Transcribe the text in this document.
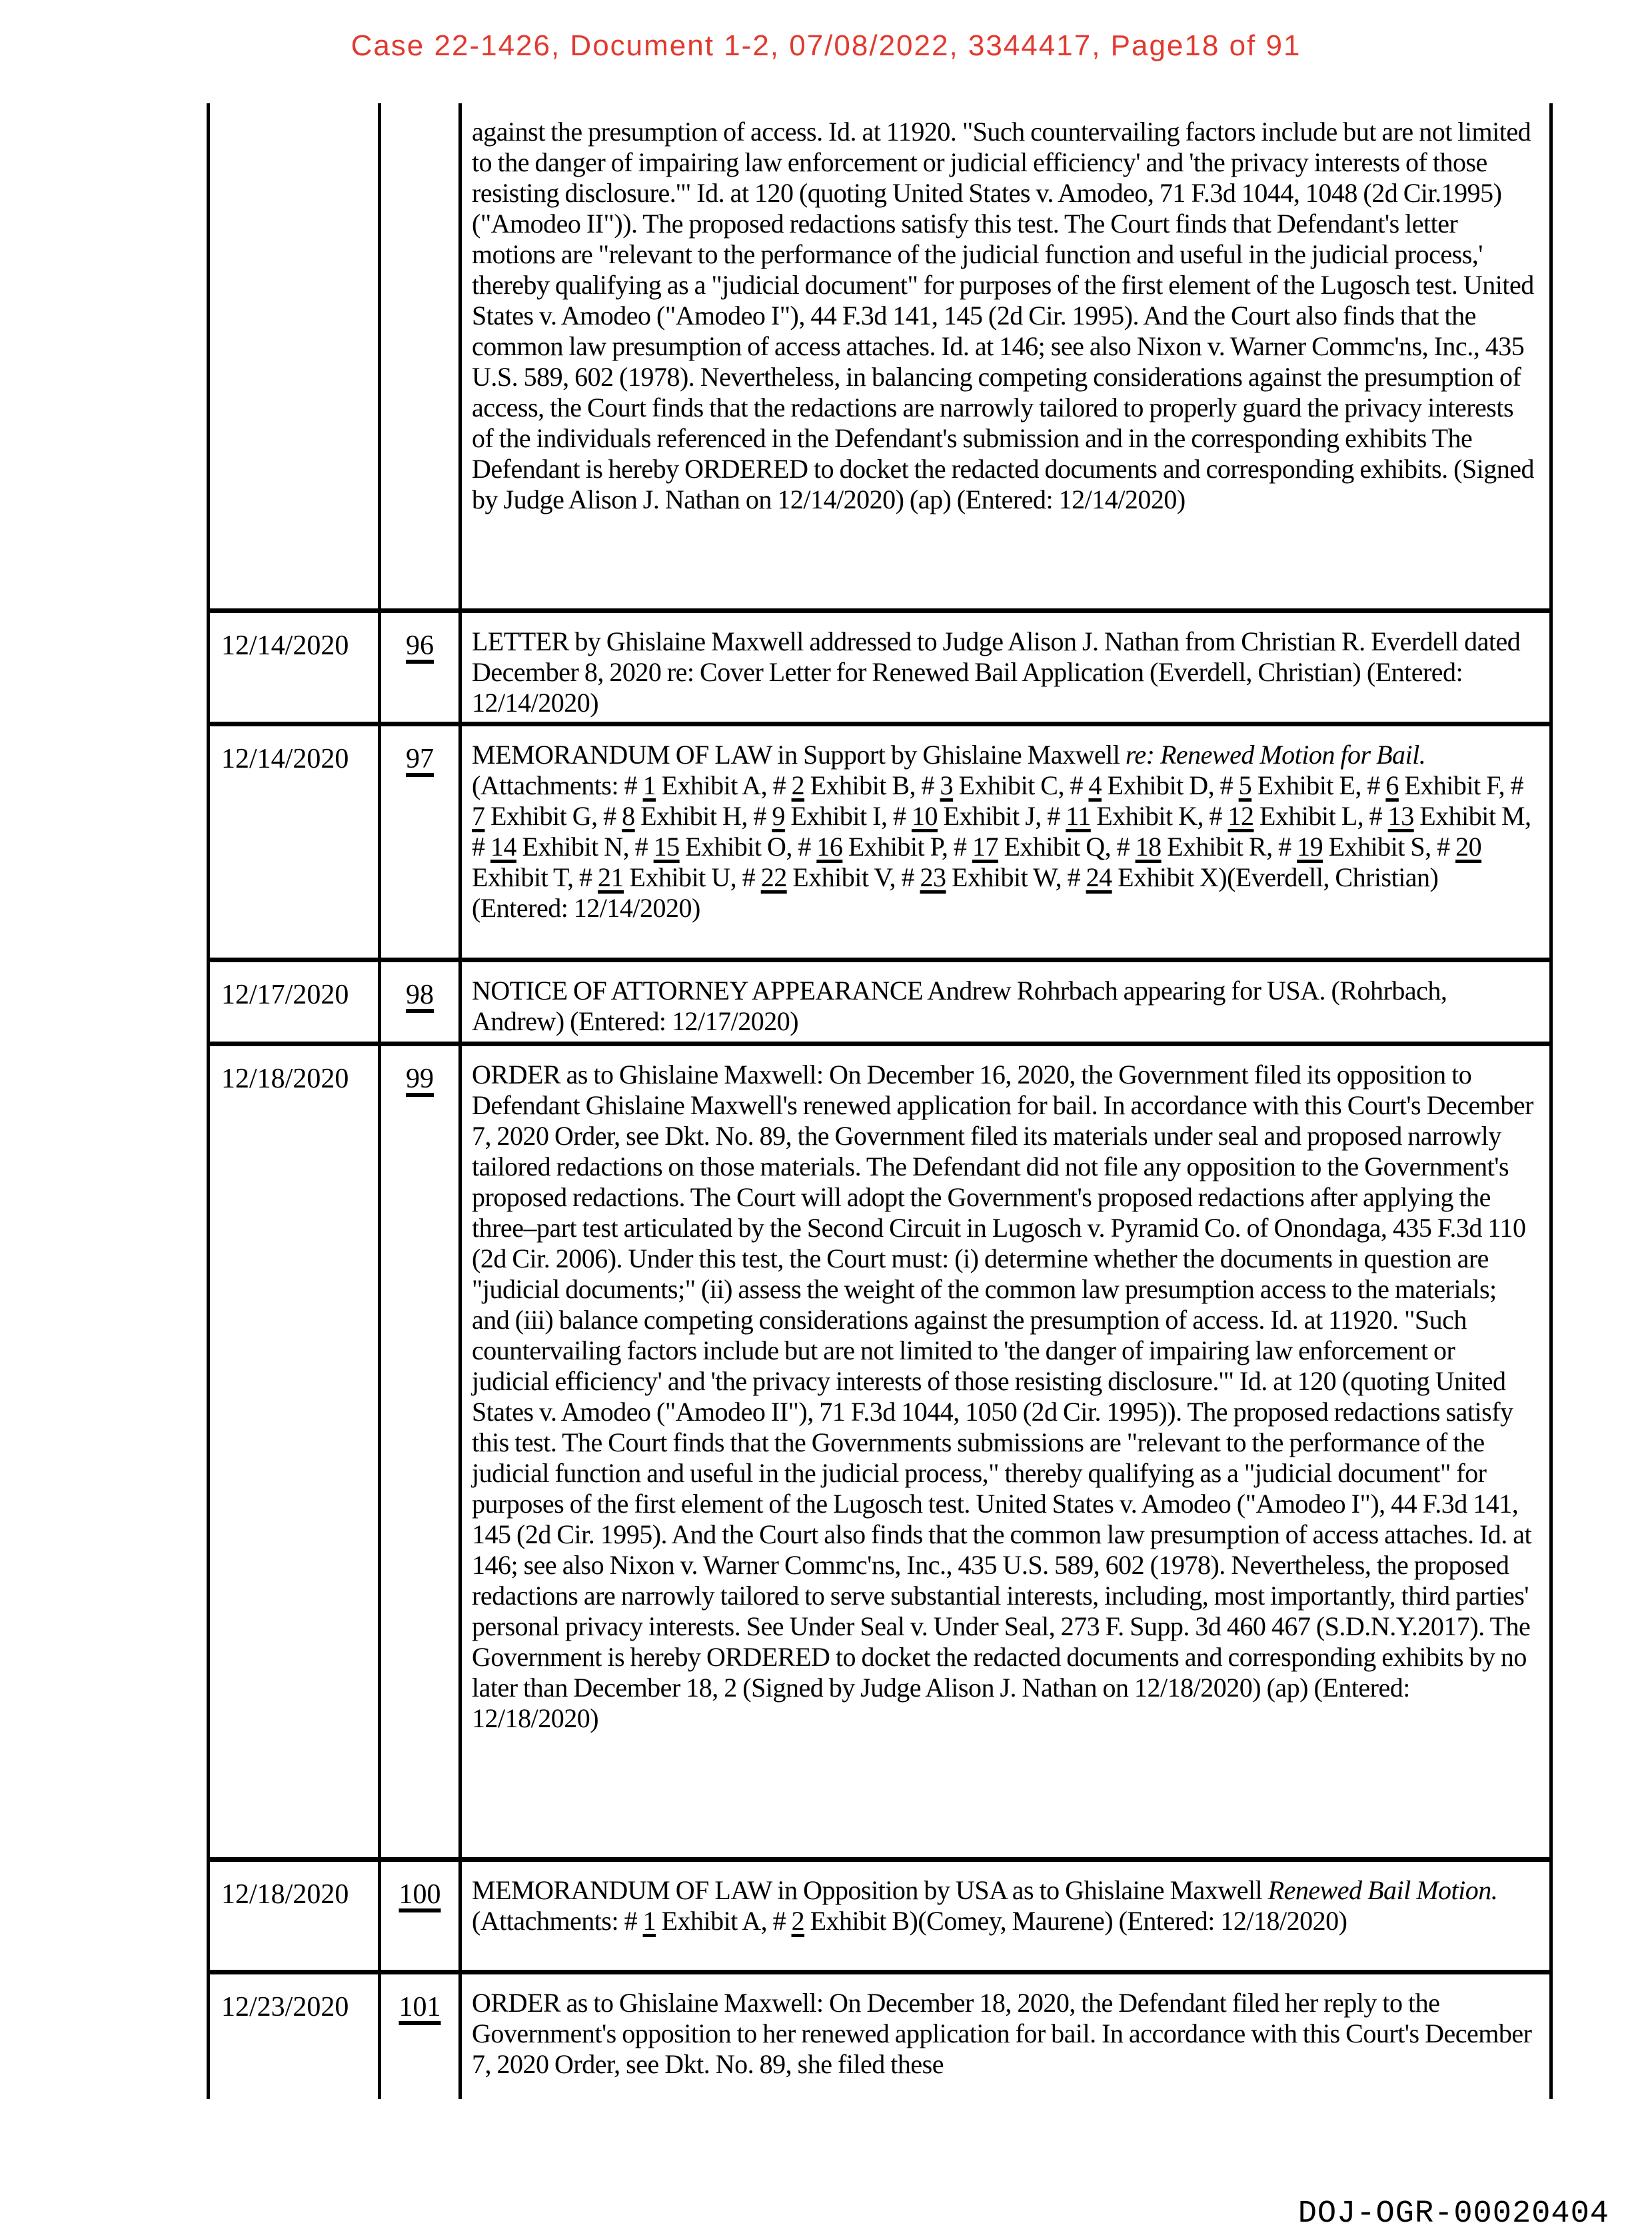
Case 22-1426, Document 1-2, 07/08/2022, 3344417, Page18 of 91

against the presumption of access. Id. at 11920. "Such countervailing factors include but are not limited to the danger of impairing law enforcement or judicial efficiency' and 'the privacy interests of those resisting disclosure.'" Id. at 120 (quoting United States v. Amodeo, 71 F.3d 1044, 1048 (2d Cir.1995) ("Amodeo II")). The proposed redactions satisfy this test. The Court finds that Defendant's letter motions are "relevant to the performance of the judicial function and useful in the judicial process,' thereby qualifying as a "judicial document" for purposes of the first element of the Lugosch test. United States v. Amodeo ("Amodeo I"), 44 F.3d 141, 145 (2d Cir. 1995). And the Court also finds that the common law presumption of access attaches. Id. at 146; see also Nixon v. Warner Commc'ns, Inc., 435 U.S. 589, 602 (1978). Nevertheless, in balancing competing considerations against the presumption of access, the Court finds that the redactions are narrowly tailored to properly guard the privacy interests of the individuals referenced in the Defendant's submission and in the corresponding exhibits The Defendant is hereby ORDERED to docket the redacted documents and corresponding exhibits. (Signed by Judge Alison J. Nathan on 12/14/2020) (ap) (Entered: 12/14/2020)

12/14/2020	96	LETTER by Ghislaine Maxwell addressed to Judge Alison J. Nathan from Christian R. Everdell dated December 8, 2020 re: Cover Letter for Renewed Bail Application (Everdell, Christian) (Entered: 12/14/2020)

12/14/2020	97	MEMORANDUM OF LAW in Support by Ghislaine Maxwell re: Renewed Motion for Bail. (Attachments: # 1 Exhibit A, # 2 Exhibit B, # 3 Exhibit C, # 4 Exhibit D, # 5 Exhibit E, # 6 Exhibit F, # 7 Exhibit G, # 8 Exhibit H, # 9 Exhibit I, # 10 Exhibit J, # 11 Exhibit K, # 12 Exhibit L, # 13 Exhibit M, # 14 Exhibit N, # 15 Exhibit O, # 16 Exhibit P, # 17 Exhibit Q, # 18 Exhibit R, # 19 Exhibit S, # 20 Exhibit T, # 21 Exhibit U, # 22 Exhibit V, # 23 Exhibit W, # 24 Exhibit X)(Everdell, Christian) (Entered: 12/14/2020)

12/17/2020	98	NOTICE OF ATTORNEY APPEARANCE Andrew Rohrbach appearing for USA. (Rohrbach, Andrew) (Entered: 12/17/2020)

12/18/2020	99	ORDER as to Ghislaine Maxwell: On December 16, 2020, the Government filed its opposition to Defendant Ghislaine Maxwell's renewed application for bail. In accordance with this Court's December 7, 2020 Order, see Dkt. No. 89, the Government filed its materials under seal and proposed narrowly tailored redactions on those materials. The Defendant did not file any opposition to the Government's proposed redactions. The Court will adopt the Government's proposed redactions after applying the three–part test articulated by the Second Circuit in Lugosch v. Pyramid Co. of Onondaga, 435 F.3d 110 (2d Cir. 2006). Under this test, the Court must: (i) determine whether the documents in question are "judicial documents;" (ii) assess the weight of the common law presumption access to the materials; and (iii) balance competing considerations against the presumption of access. Id. at 11920. "Such countervailing factors include but are not limited to 'the danger of impairing law enforcement or judicial efficiency' and 'the privacy interests of those resisting disclosure.'" Id. at 120 (quoting United States v. Amodeo ("Amodeo II"), 71 F.3d 1044, 1050 (2d Cir. 1995)). The proposed redactions satisfy this test. The Court finds that the Governments submissions are "relevant to the performance of the judicial function and useful in the judicial process," thereby qualifying as a "judicial document" for purposes of the first element of the Lugosch test. United States v. Amodeo ("Amodeo I"), 44 F.3d 141, 145 (2d Cir. 1995). And the Court also finds that the common law presumption of access attaches. Id. at 146; see also Nixon v. Warner Commc'ns, Inc., 435 U.S. 589, 602 (1978). Nevertheless, the proposed redactions are narrowly tailored to serve substantial interests, including, most importantly, third parties' personal privacy interests. See Under Seal v. Under Seal, 273 F. Supp. 3d 460 467 (S.D.N.Y.2017). The Government is hereby ORDERED to docket the redacted documents and corresponding exhibits by no later than December 18, 2 (Signed by Judge Alison J. Nathan on 12/18/2020) (ap) (Entered: 12/18/2020)

12/18/2020	100	MEMORANDUM OF LAW in Opposition by USA as to Ghislaine Maxwell Renewed Bail Motion. (Attachments: # 1 Exhibit A, # 2 Exhibit B)(Comey, Maurene) (Entered: 12/18/2020)

12/23/2020	101	ORDER as to Ghislaine Maxwell: On December 18, 2020, the Defendant filed her reply to the Government's opposition to her renewed application for bail. In accordance with this Court's December 7, 2020 Order, see Dkt. No. 89, she filed these

DOJ-OGR-00020404
